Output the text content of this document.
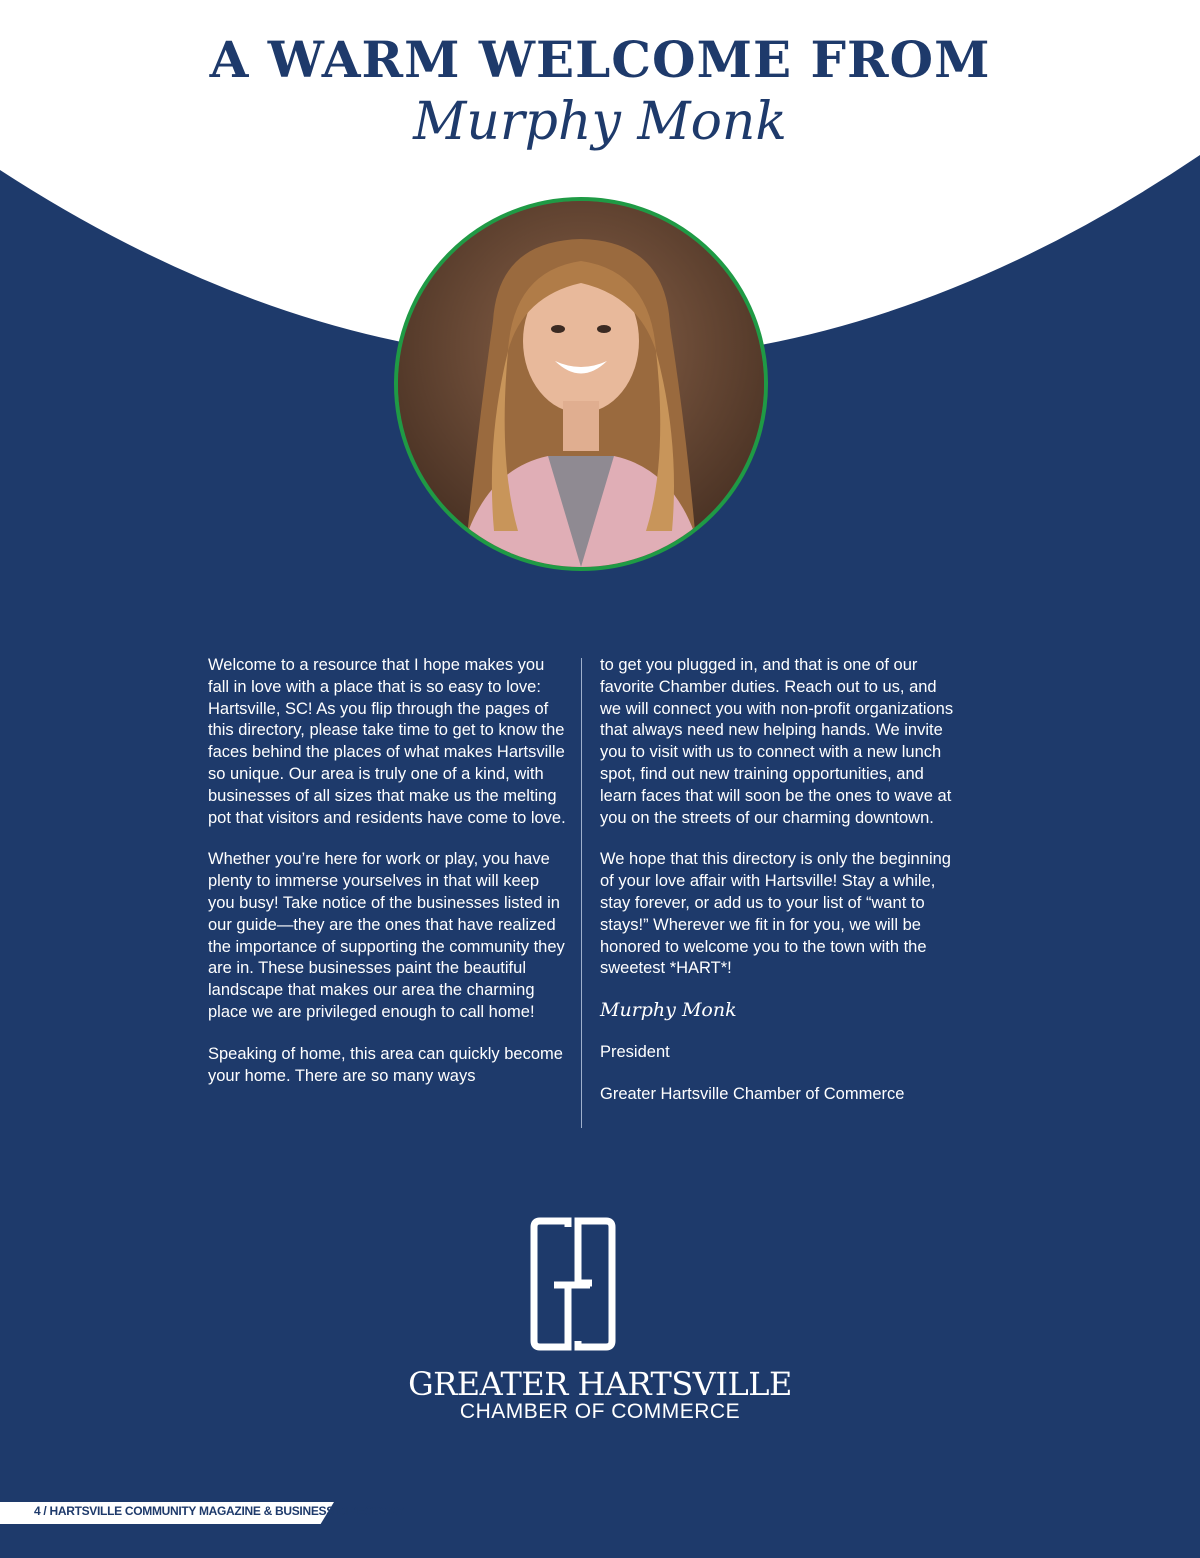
A WARM WELCOME FROM

Murphy Monk

Welcome to a resource that I hope makes you fall in love with a place that is so easy to love: Hartsville, SC! As you flip through the pages of this directory, please take time to get to know the faces behind the places of what makes Hartsville so unique. Our area is truly one of a kind, with businesses of all sizes that make us the melting pot that visitors and residents have come to love.

Whether you’re here for work or play, you have plenty to immerse yourselves in that will keep you busy! Take notice of the businesses listed in our guide—they are the ones that have realized the importance of supporting the community they are in. These businesses paint the beautiful landscape that makes our area the charming place we are privileged enough to call home!

Speaking of home, this area can quickly become your home. There are so many ways

to get you plugged in, and that is one of our favorite Chamber duties. Reach out to us, and we will connect you with non-profit organizations that always need new helping hands. We invite you to visit with us to connect with a new lunch spot, find out new training opportunities, and learn faces that will soon be the ones to wave at you on the streets of our charming downtown.

We hope that this directory is only the beginning of your love affair with Hartsville! Stay a while, stay forever, or add us to your list of “want to stays!” Wherever we fit in for you, we will be honored to welcome you to the town with the sweetest *HART*!

Murphy Monk

President

Greater Hartsville Chamber of Commerce

GREATER HARTSVILLE

CHAMBER OF COMMERCE

4 / HARTSVILLE COMMUNITY MAGAZINE & BUSINESS DIRECTORY
